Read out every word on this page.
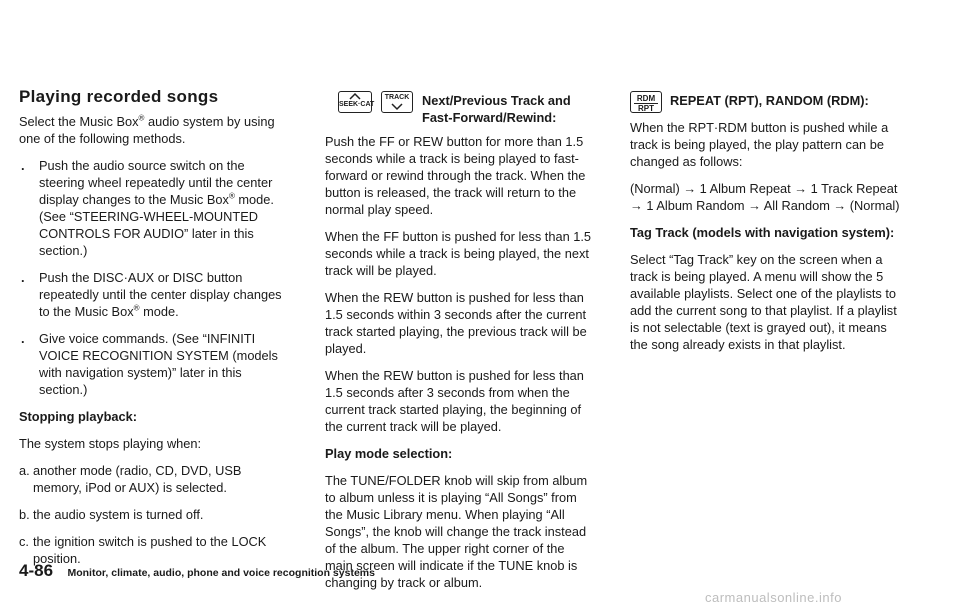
Playing recorded songs

Select the Music Box® audio system by using one of the following methods.

. Push the audio source switch on the steering wheel repeatedly until the center display changes to the Music Box® mode. (See “STEERING-WHEEL-MOUNTED CONTROLS FOR AUDIO” later in this section.)
. Push the DISC·AUX or DISC button repeatedly until the center display changes to the Music Box® mode.
. Give voice commands. (See “INFINITI VOICE RECOGNITION SYSTEM (models with navigation system)” later in this section.)

Stopping playback:

The system stops playing when:

a. another mode (radio, CD, DVD, USB memory, iPod or AUX) is selected.
b. the audio system is turned off.
c. the ignition switch is pushed to the LOCK position.
SEEK·CAT
TRACK Next/Previous Track and Fast-Forward/Rewind:

Push the FF or REW button for more than 1.5 seconds while a track is being played to fast-forward or rewind through the track. When the button is released, the track will return to the normal play speed.

When the FF button is pushed for less than 1.5 seconds while a track is being played, the next track will be played.

When the REW button is pushed for less than 1.5 seconds within 3 seconds after the current track started playing, the previous track will be played.

When the REW button is pushed for less than 1.5 seconds after 3 seconds from when the current track started playing, the beginning of the current track will be played.

Play mode selection:

The TUNE/FOLDER knob will skip from album to album unless it is playing “All Songs” from the Music Library menu. When playing “All Songs”, the knob will change the track instead of the album. The upper right corner of the main screen will indicate if the TUNE knob is changing by track or album.

RDM
RPT
REPEAT (RPT), RANDOM (RDM):

When the RPT·RDM button is pushed while a track is being played, the play pattern can be changed as follows:

(Normal) → 1 Album Repeat → 1 Track Repeat → 1 Album Random → All Random → (Normal)

Tag Track (models with navigation system):

Select “Tag Track” key on the screen when a track is being played. A menu will show the 5 available playlists. Select one of the playlists to add the current song to that playlist. If a playlist is not selectable (text is grayed out), it means the song already exists in that playlist.

4-86 Monitor, climate, audio, phone and voice recognition systems
carmanualsonline.info
